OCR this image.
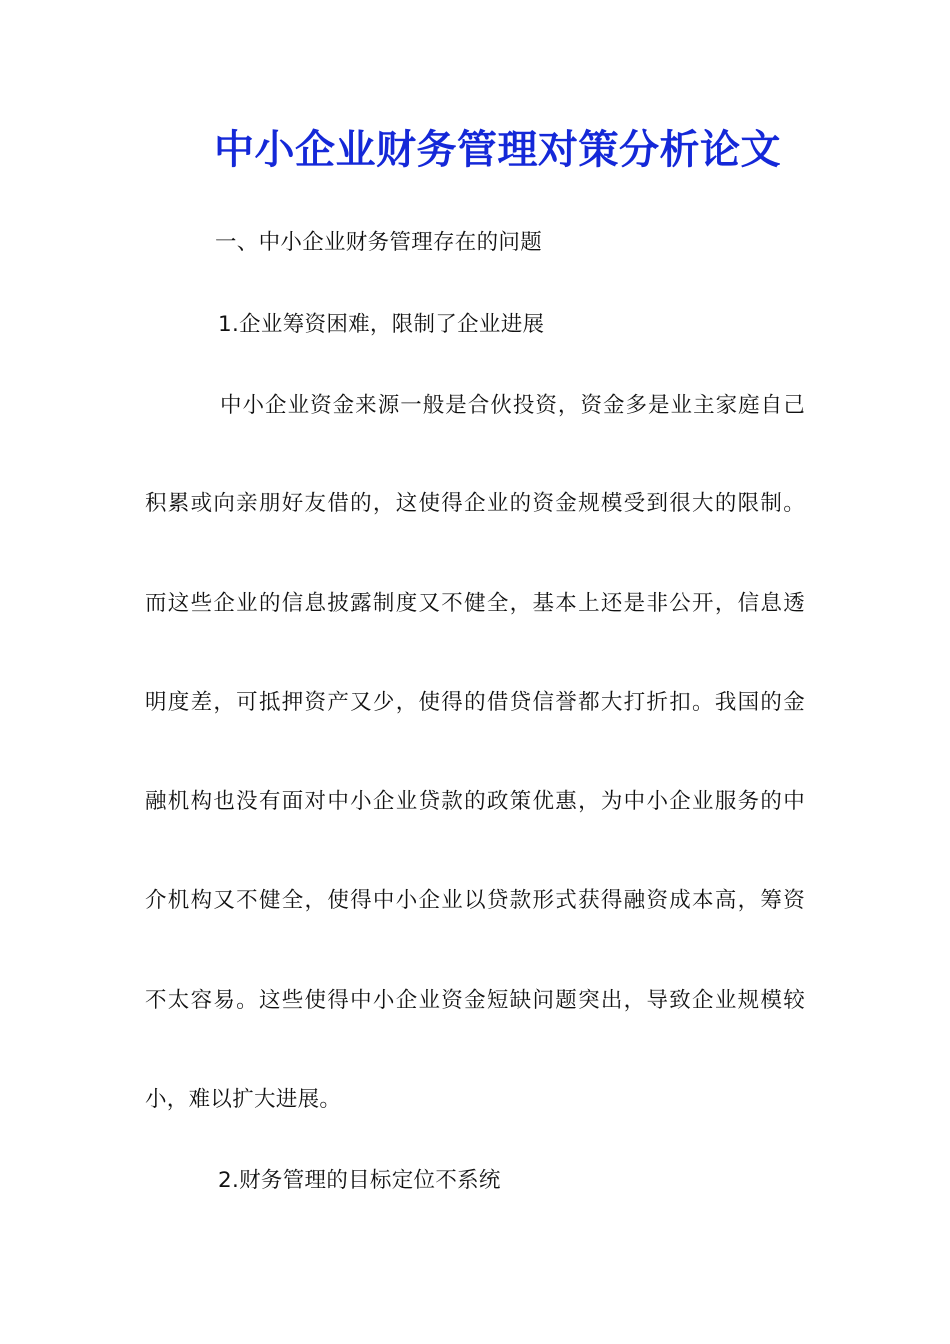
中小企业财务管理对策分析论文
一、中小企业财务管理存在的问题
1.企业筹资困难，限制了企业进展
中小企业资金来源一般是合伙投资，资金多是业主家庭自己
积累或向亲朋好友借的，这使得企业的资金规模受到很大的限制。
而这些企业的信息披露制度又不健全，基本上还是非公开，信息透
明度差，可抵押资产又少，使得的借贷信誉都大打折扣。我国的金
融机构也没有面对中小企业贷款的政策优惠，为中小企业服务的中
介机构又不健全，使得中小企业以贷款形式获得融资成本高，筹资
不太容易。这些使得中小企业资金短缺问题突出，导致企业规模较
小，难以扩大进展。
2.财务管理的目标定位不系统
